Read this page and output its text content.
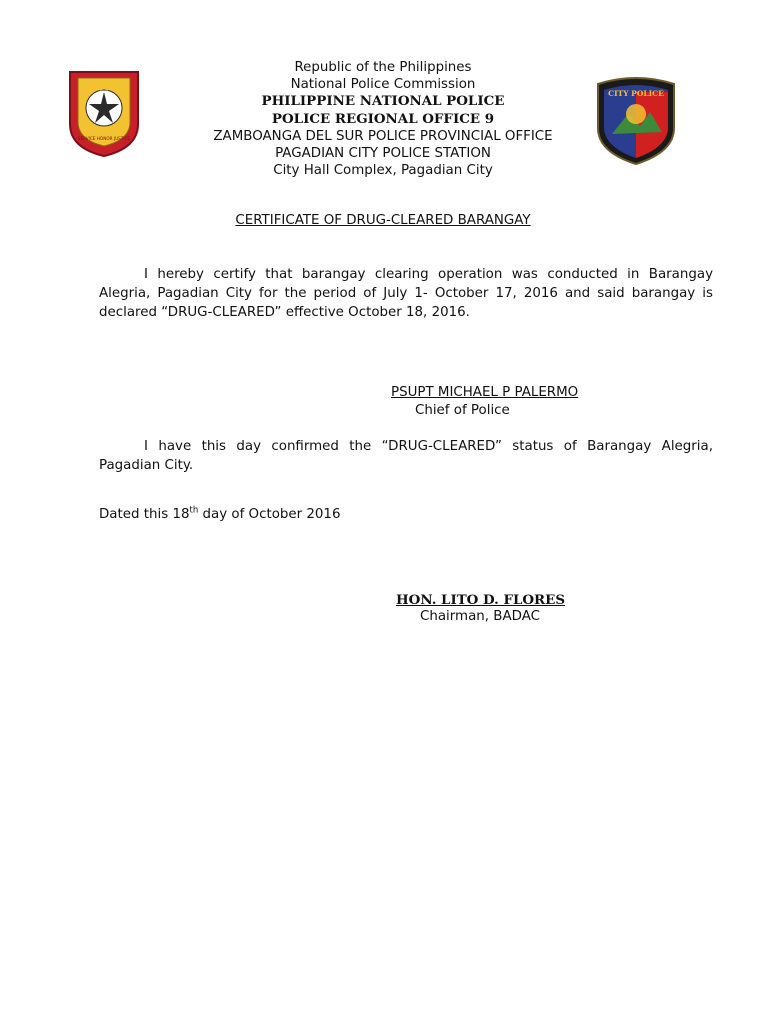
SERVICE HONOR JUSTICE
CITY POLICE
Republic of the Philippines
National Police Commission
PHILIPPINE NATIONAL POLICE
POLICE REGIONAL OFFICE 9
ZAMBOANGA DEL SUR POLICE PROVINCIAL OFFICE
PAGADIAN CITY POLICE STATION
City Hall Complex, Pagadian City
CERTIFICATE OF DRUG-CLEARED BARANGAY
I hereby certify that barangay clearing operation was conducted in Barangay Alegria, Pagadian City for the period of July 1- October 17, 2016 and said barangay is declared “DRUG-CLEARED” effective October 18, 2016.
PSUPT MICHAEL P PALERMO
Chief of Police
I have this day confirmed the “DRUG-CLEARED” status of Barangay Alegria, Pagadian City.
Dated this 18th day of October 2016
HON. LITO D. FLORES
Chairman, BADAC
